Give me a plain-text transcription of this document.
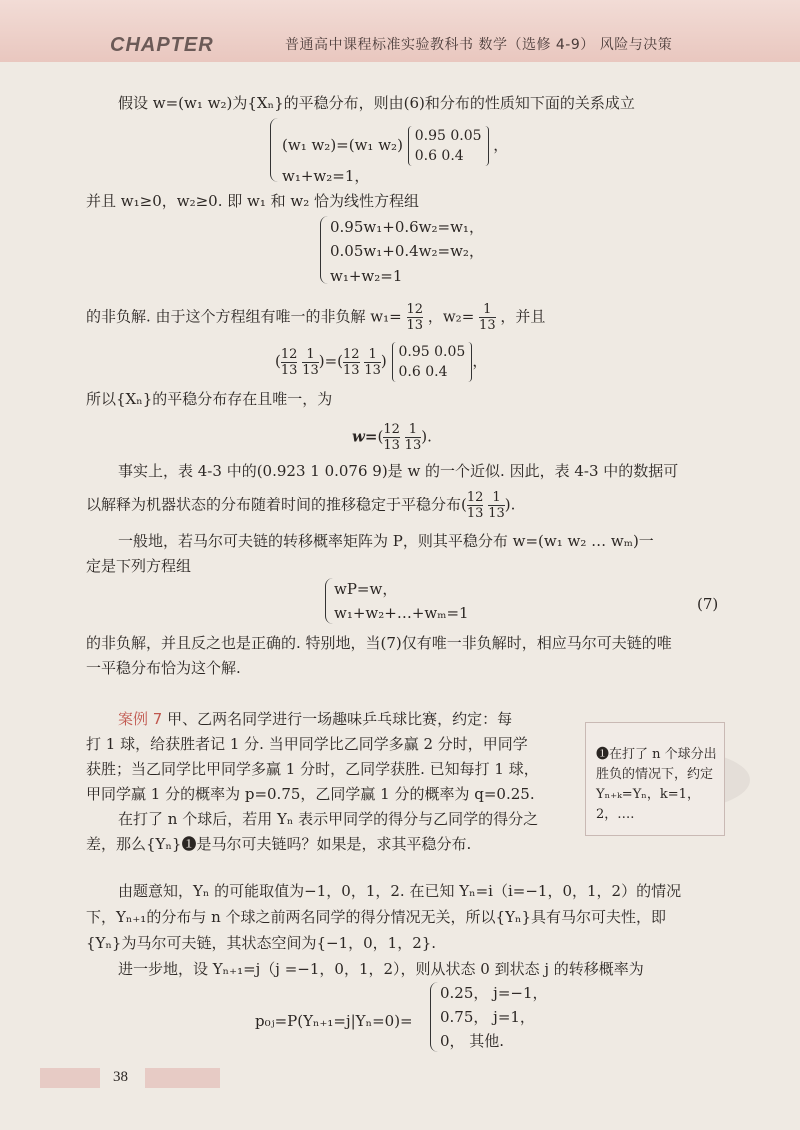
CHAPTER	普通高中课程标准实验教科书 数学（选修 4-9） 风险与决策
假设 w=(w₁ w₂)为{Xₙ}的平稳分布，则由(6)和分布的性质知下面的关系成立
(w₁ w₂)=(w₁ w₂) 0.95 0.05
0.6 0.4
，
w₁+w₂=1，
并且 w₁≥0，w₂≥0. 即 w₁ 和 w₂ 恰为线性方程组
0.95w₁+0.6w₂=w₁，
0.05w₁+0.4w₂=w₂，
w₁+w₂=1
的非负解. 由于这个方程组有唯一的非负解 $w_1= \frac{12}{13}$ ，$w_2= \frac{1}{13}$ ，并且
( $\frac{12}{13}$
$\frac{1}{13}$ )=( $\frac{12}{13}$
$\frac{1}{13}$ ) 0.95 0.05
0.6 0.4
，
所以{Xₙ}的平稳分布存在且唯一，为
$w=( \frac{12}{13}$
$\frac{1}{13}$ ).
事实上，表 4-3 中的(0.923 1 0.076 9)是 w 的一个近似. 因此，表 4-3 中的数据可
以解释为机器状态的分布随着时间的推移稳定于平稳分布( $\frac{12}{13}$
$\frac{1}{13}$ ).
一般地，若马尔可夫链的转移概率矩阵为 P，则其平稳分布 w=(w₁ w₂ … wₘ)一
定是下列方程组
wP=w，
w₁+w₂+…+wₘ=1	(7)
的非负解，并且反之也是正确的. 特别地，当(7)仅有唯一非负解时，相应马尔可夫链的唯
一平稳分布恰为这个解.
案例 7 甲、乙两名同学进行一场趣味乒乓球比赛，约定：每
打 1 球，给获胜者记 1 分. 当甲同学比乙同学多赢 2 分时，甲同学
获胜；当乙同学比甲同学多赢 1 分时，乙同学获胜. 已知每打 1 球，
甲同学赢 1 分的概率为 p=0.75，乙同学赢 1 分的概率为 q=0.25.
在打了 n 个球后，若用 Yₙ 表示甲同学的得分与乙同学的得分之
差，那么{Yₙ}❶是马尔可夫链吗？如果是，求其平稳分布.
❶在打了 n 个球分出胜负的情况下，约定 Yₙ₊ₖ=Yₙ，k=1，2，….
由题意知，Yₙ 的可能取值为−1，0，1，2. 在已知 Yₙ=i（i=−1，0，1，2）的情况
下，Yₙ₊₁的分布与 n 个球之前两名同学的得分情况无关，所以{Yₙ}具有马尔可夫性，即
{Yₙ}为马尔可夫链，其状态空间为{−1，0，1，2}.
进一步地，设 Yₙ₊₁=j（j =−1，0，1，2），则从状态 0 到状态 j 的转移概率为
p₀ⱼ=P(Yₙ₊₁=j|Yₙ=0)=
0.25， j=−1，
0.75， j=1，
0， 其他.
38
